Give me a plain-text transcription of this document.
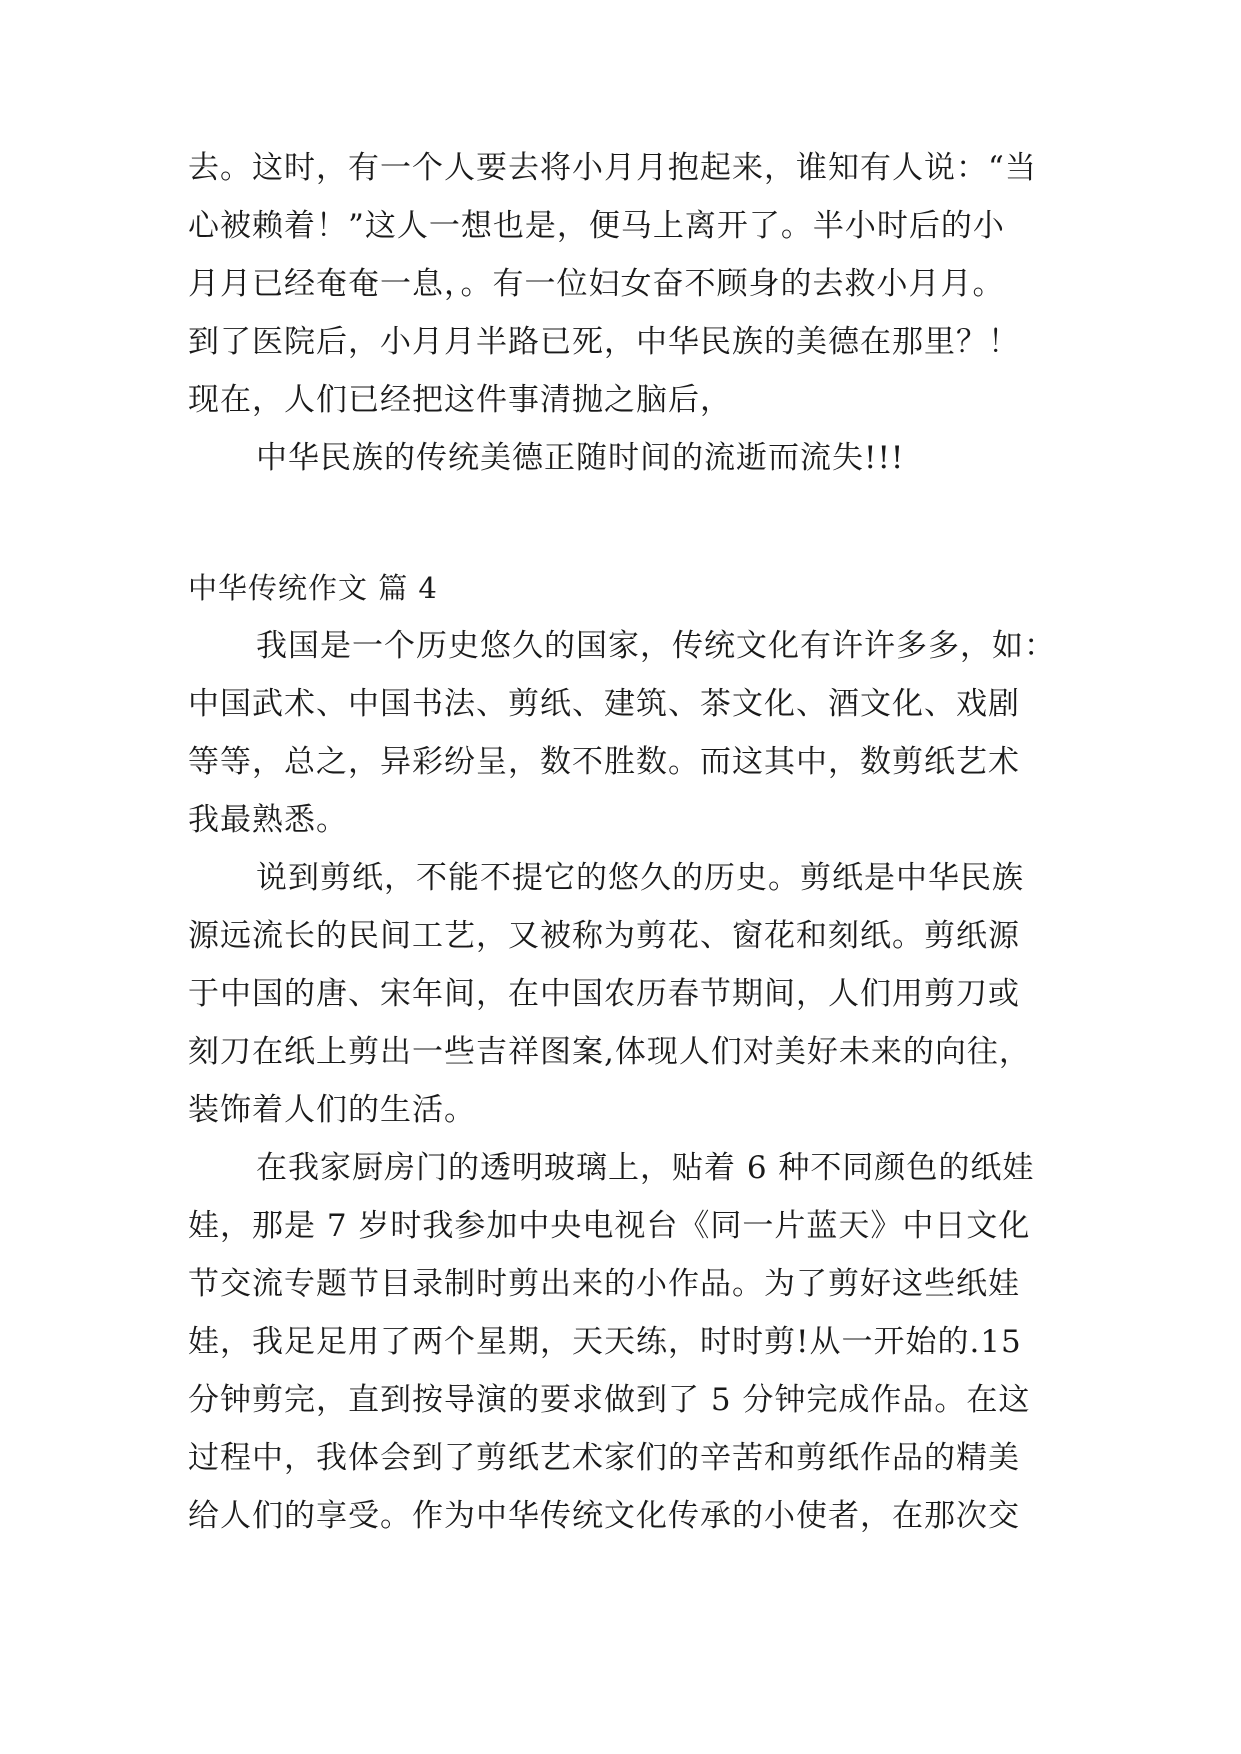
去。这时，有一个人要去将小月月抱起来，谁知有人说：“当
心被赖着！”这人一想也是，便马上离开了。半小时后的小
月月已经奄奄一息，。有一位妇女奋不顾身的去救小月月。
到了医院后，小月月半路已死，中华民族的美德在那里？！
现在，人们已经把这件事清抛之脑后，
中华民族的传统美德正随时间的流逝而流失!!!
中华传统作文 篇 4
我国是一个历史悠久的国家，传统文化有许许多多，如：
中国武术、中国书法、剪纸、建筑、茶文化、酒文化、戏剧
等等，总之，异彩纷呈，数不胜数。而这其中，数剪纸艺术
我最熟悉。
说到剪纸，不能不提它的悠久的历史。剪纸是中华民族
源远流长的民间工艺，又被称为剪花、窗花和刻纸。剪纸源
于中国的唐、宋年间，在中国农历春节期间，人们用剪刀或
刻刀在纸上剪出一些吉祥图案,体现人们对美好未来的向往，
装饰着人们的生活。
在我家厨房门的透明玻璃上，贴着 6 种不同颜色的纸娃
娃，那是 7 岁时我参加中央电视台《同一片蓝天》中日文化
节交流专题节目录制时剪出来的小作品。为了剪好这些纸娃
娃，我足足用了两个星期，天天练，时时剪!从一开始的.15
分钟剪完，直到按导演的要求做到了 5 分钟完成作品。在这
过程中，我体会到了剪纸艺术家们的辛苦和剪纸作品的精美
给人们的享受。作为中华传统文化传承的小使者，在那次交
